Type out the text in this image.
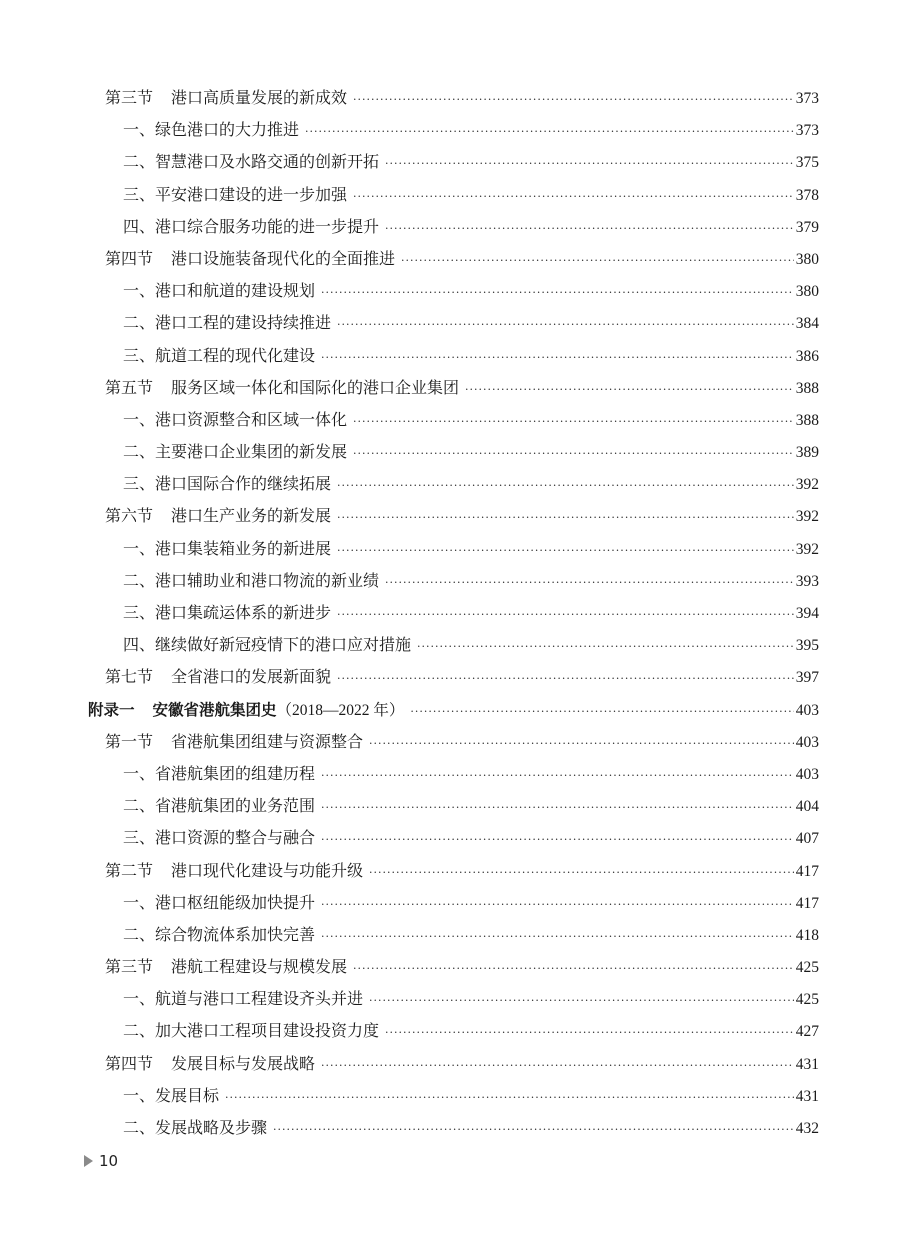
第三节 港口高质量发展的新成效 ·····	373
一、绿色港口的大力推进 ·····	373
二、智慧港口及水路交通的创新开拓 ·····	375
三、平安港口建设的进一步加强 ·····	378
四、港口综合服务功能的进一步提升 ·····	379
第四节 港口设施装备现代化的全面推进 ·····	380
一、港口和航道的建设规划 ·····	380
二、港口工程的建设持续推进 ·····	384
三、航道工程的现代化建设 ·····	386
第五节 服务区域一体化和国际化的港口企业集团 ·····	388
一、港口资源整合和区域一体化 ·····	388
二、主要港口企业集团的新发展 ·····	389
三、港口国际合作的继续拓展 ·····	392
第六节 港口生产业务的新发展 ·····	392
一、港口集装箱业务的新进展 ·····	392
二、港口辅助业和港口物流的新业绩 ·····	393
三、港口集疏运体系的新进步 ·····	394
四、继续做好新冠疫情下的港口应对措施 ·····	395
第七节 全省港口的发展新面貌 ·····	397
附录一 安徽省港航集团史（2018—2022 年） ·····	403
第一节 省港航集团组建与资源整合 ·····	403
一、省港航集团的组建历程 ·····	403
二、省港航集团的业务范围 ·····	404
三、港口资源的整合与融合 ·····	407
第二节 港口现代化建设与功能升级 ·····	417
一、港口枢纽能级加快提升 ·····	417
二、综合物流体系加快完善 ·····	418
第三节 港航工程建设与规模发展 ·····	425
一、航道与港口工程建设齐头并进 ·····	425
二、加大港口工程项目建设投资力度 ·····	427
第四节 发展目标与发展战略 ·····	431
一、发展目标 ·····	431
二、发展战略及步骤 ·····	432
10
